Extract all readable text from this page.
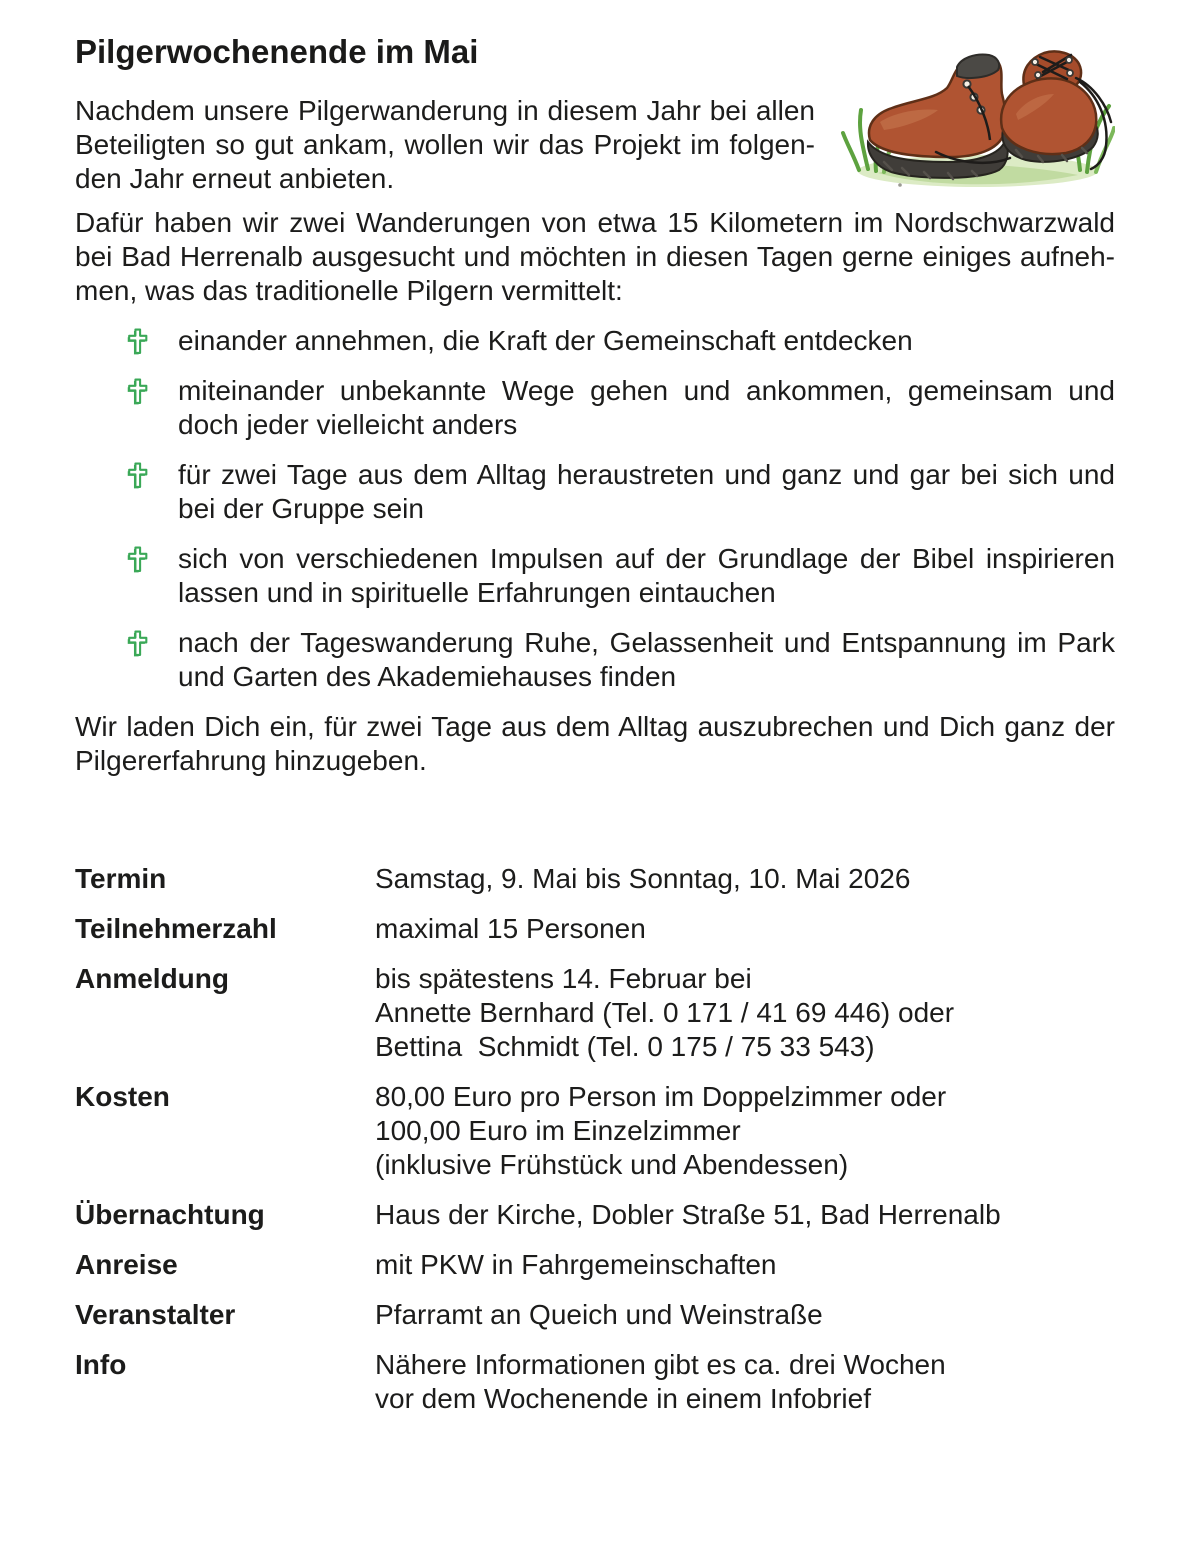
Pilgerwochenende im Mai

Nachdem unsere Pilgerwanderung in diesem Jahr bei allen Beteiligten so gut ankam, wollen wir das Projekt im folgenden Jahr erneut anbieten.

Dafür haben wir zwei Wanderungen von etwa 15 Kilometern im Nordschwarzwald bei Bad Herrenalb ausgesucht und möchten in diesen Tagen gerne einiges aufnehmen, was das traditionelle Pilgern vermittelt:

einander annehmen, die Kraft der Gemeinschaft entdecken
miteinander unbekannte Wege gehen und ankommen, gemeinsam und doch jeder vielleicht anders
für zwei Tage aus dem Alltag heraustreten und ganz und gar bei sich und bei der Gruppe sein
sich von verschiedenen Impulsen auf der Grundlage der Bibel inspirieren lassen und in spirituelle Erfahrungen eintauchen
nach der Tageswanderung Ruhe, Gelassenheit und Entspannung im Park und Garten des Akademiehauses finden

Wir laden Dich ein, für zwei Tage aus dem Alltag auszubrechen und Dich ganz der Pilgererfahrung hinzugeben.

Termin	Samstag, 9. Mai bis Sonntag, 10. Mai 2026
Teilnehmerzahl	maximal 15 Personen
Anmeldung	bis spätestens 14. Februar bei
Annette Bernhard (Tel. 0 171 / 41 69 446) oder
Bettina  Schmidt (Tel. 0 175 / 75 33 543)
Kosten	80,00 Euro pro Person im Doppelzimmer oder
100,00 Euro im Einzelzimmer
(inklusive Frühstück und Abendessen)
Übernachtung	Haus der Kirche, Dobler Straße 51, Bad Herrenalb
Anreise	mit PKW in Fahrgemeinschaften
Veranstalter	Pfarramt an Queich und Weinstraße
Info	Nähere Informationen gibt es ca. drei Wochen
vor dem Wochenende in einem Infobrief
